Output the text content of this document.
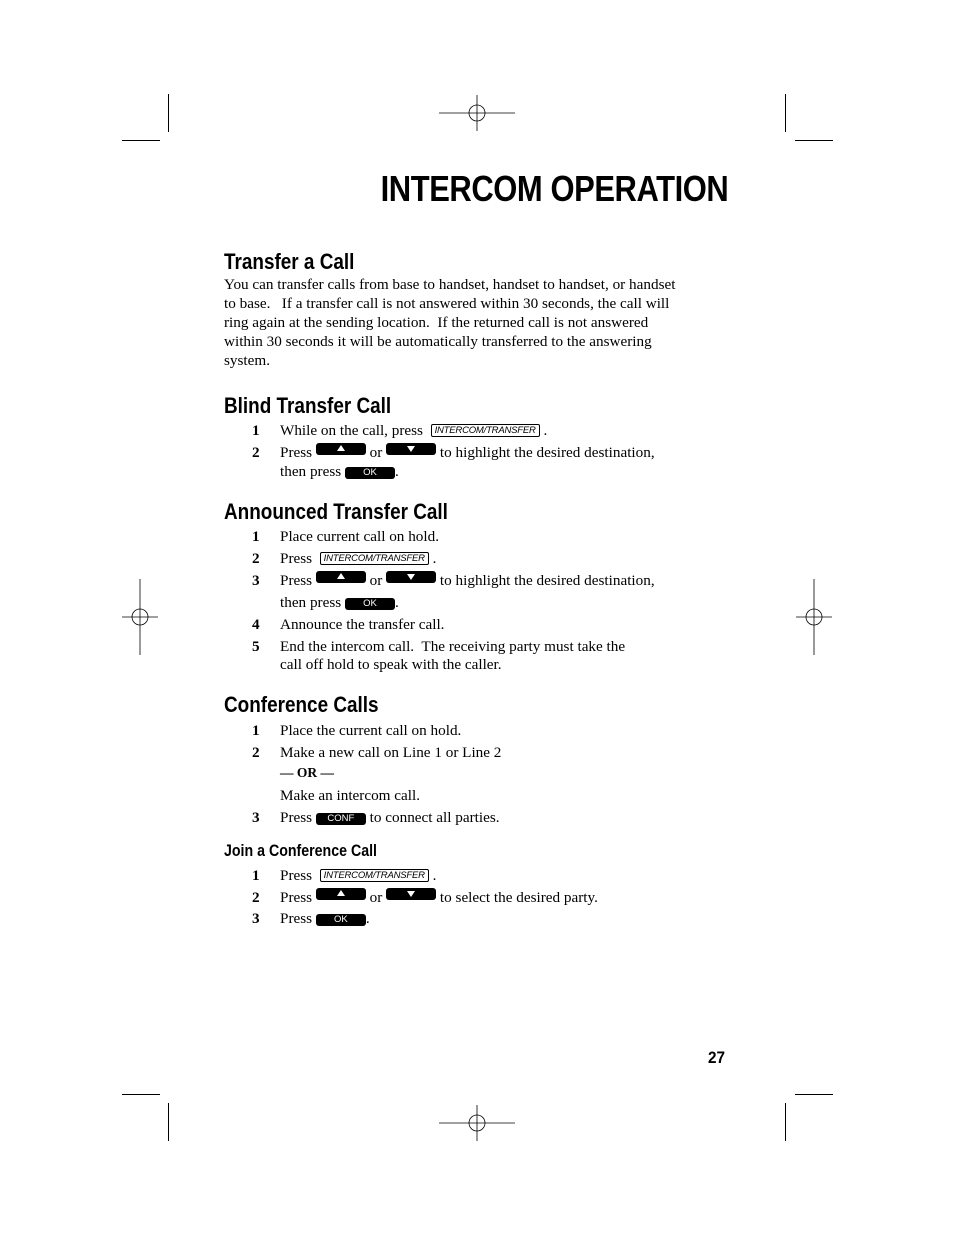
INTERCOM OPERATION
Transfer a Call
You can transfer calls from base to handset, handset to handset, or handset
to base.   If a transfer call is not answered within 30 seconds, the call will
ring again at the sending location.  If the returned call is not answered
within 30 seconds it will be automatically transferred to the answering
system.
Blind Transfer Call
1 While on the call, press INTERCOM/TRANSFER .
2 Press	or	to highlight the desired destination,
then press OK .
Announced Transfer Call
1 Place current call on hold.
2 Press INTERCOM/TRANSFER .
3 Press	or	to highlight the desired destination,
then press OK .
4 Announce the transfer call.
5 End the intercom call.  The receiving party must take the
call off hold to speak with the caller.
Conference Calls
1 Place the current call on hold.
2 Make a new call on Line 1 or Line 2
— OR —
Make an intercom call.
3 Press CONF to connect all parties.
Join a Conference Call
1 Press INTERCOM/TRANSFER .
2 Press	or	to select the desired party.
3 Press OK .
27
